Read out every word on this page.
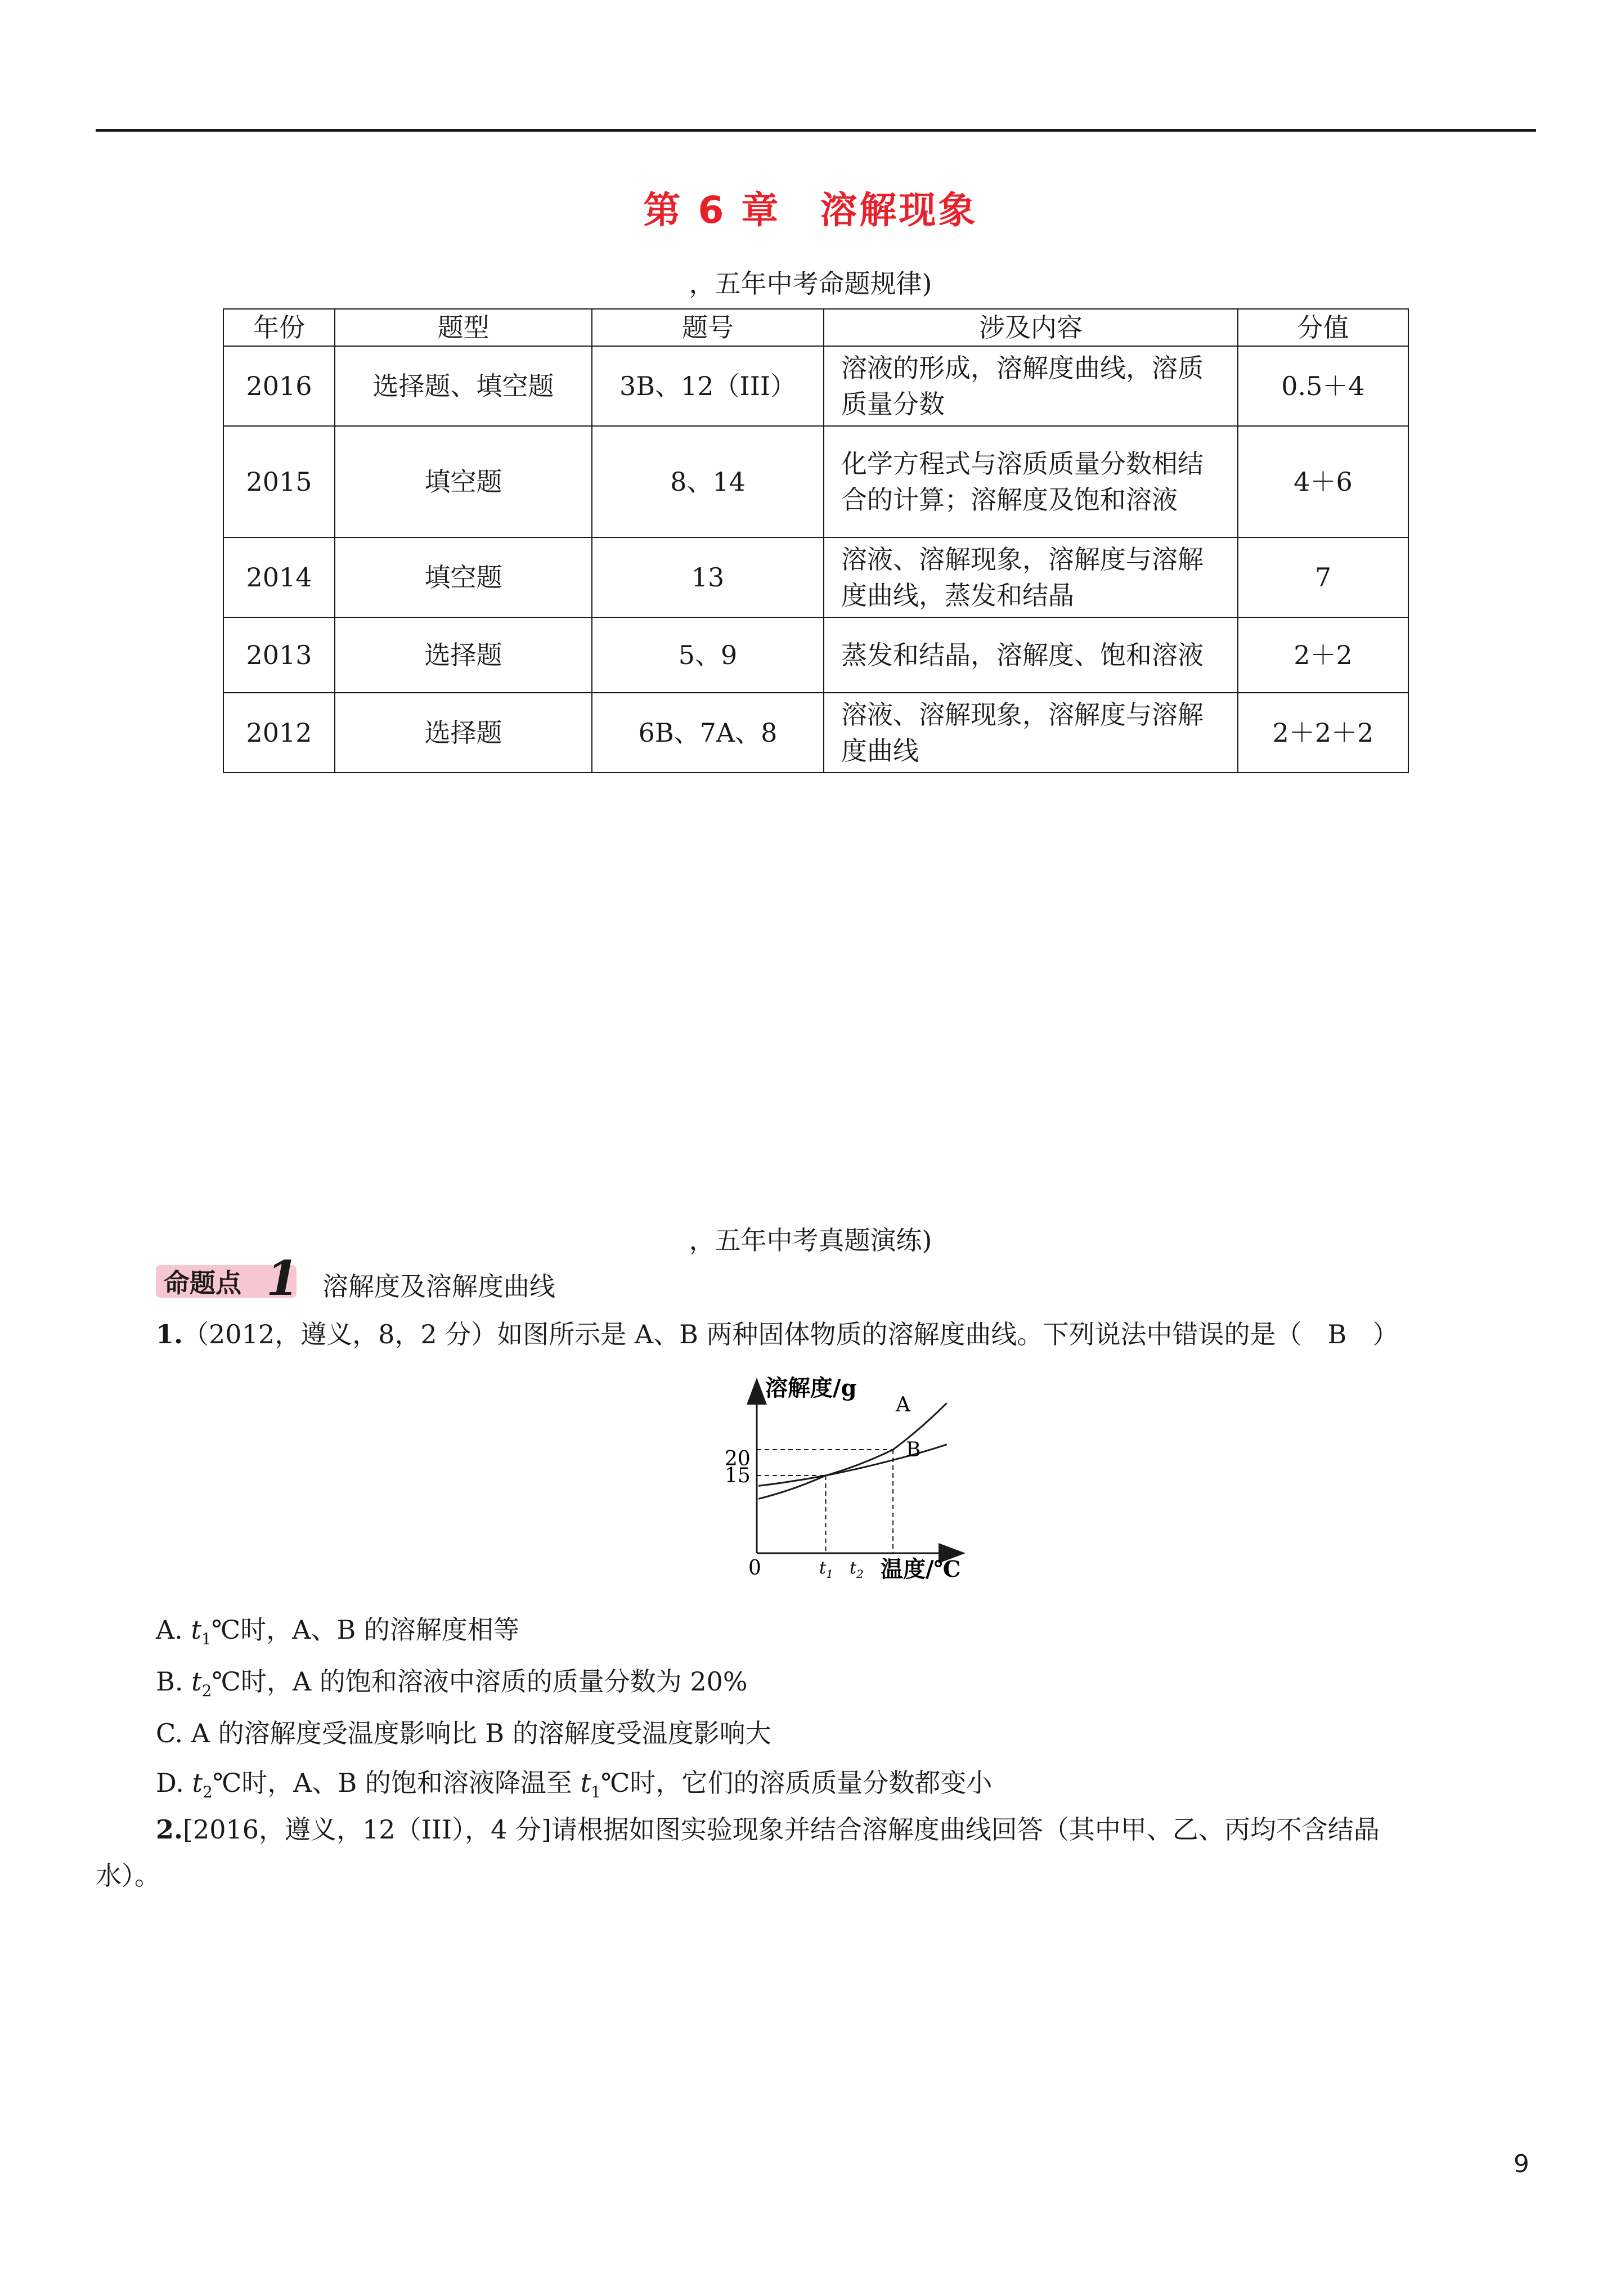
第 6 章　溶解现象
，五年中考命题规律)
年份	题型	题号	涉及内容	分值
2016	选择题、填空题	3B、12（III）	溶液的形成，溶解度曲线，溶质质量分数	0.5＋4
2015	填空题	8、14	化学方程式与溶质质量分数相结合的计算；溶解度及饱和溶液	4＋6
2014	填空题	13	溶液、溶解现象，溶解度与溶解度曲线，蒸发和结晶	7
2013	选择题	5、9	蒸发和结晶，溶解度、饱和溶液	2＋2
2012	选择题	6B、7A、8	溶液、溶解现象，溶解度与溶解度曲线	2＋2＋2
，五年中考真题演练)
命题点 1 溶解度及溶解度曲线
1.（2012，遵义，8，2 分）如图所示是 A、B 两种固体物质的溶解度曲线。下列说法中错误的是（　B　）
溶解度/g
温度/℃
0
15
20
$t_1$ $t_2$
A
B
A. $t_1℃$时，A、B 的溶解度相等
B. $t_2℃$时，A 的饱和溶液中溶质的质量分数为 20%
C. A 的溶解度受温度影响比 B 的溶解度受温度影响大
D. $t_2℃$时，A、B 的饱和溶液降温至 $t_1℃$时，它们的溶质质量分数都变小
2.[2016，遵义，12（III），4 分]请根据如图实验现象并结合溶解度曲线回答（其中甲、乙、丙均不含结晶
水）。
9
